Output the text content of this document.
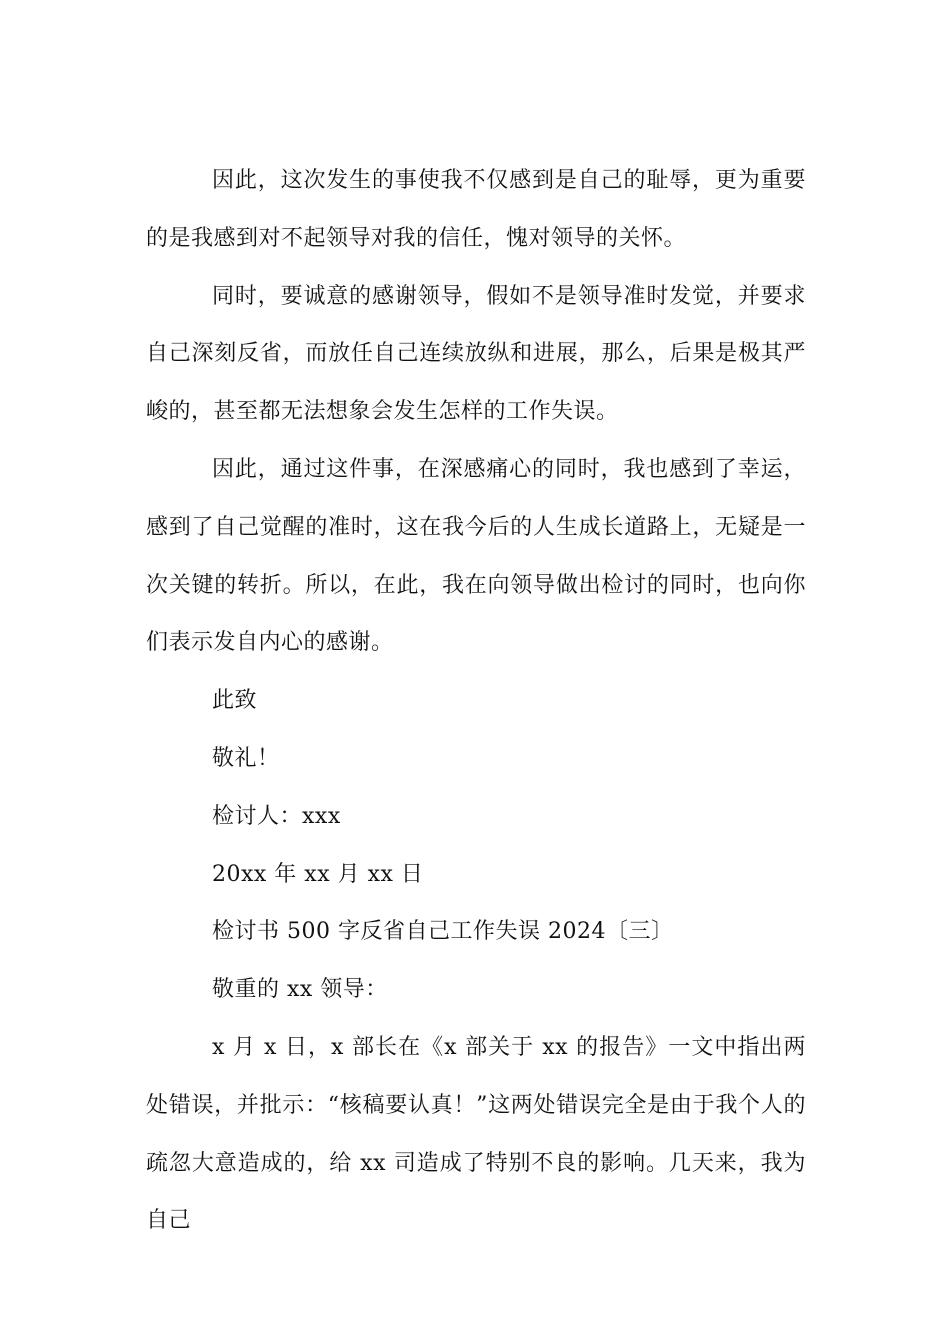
因此，这次发生的事使我不仅感到是自己的耻辱，更为重要的是我感到对不起领导对我的信任，愧对领导的关怀。

同时，要诚意的感谢领导，假如不是领导准时发觉，并要求自己深刻反省，而放任自己连续放纵和进展，那么，后果是极其严峻的，甚至都无法想象会发生怎样的工作失误。

因此，通过这件事，在深感痛心的同时，我也感到了幸运，感到了自己觉醒的准时，这在我今后的人生成长道路上，无疑是一次关键的转折。所以，在此，我在向领导做出检讨的同时，也向你们表示发自内心的感谢。

此致

敬礼！

检讨人：xxx

20xx 年 xx 月 xx 日

检讨书 500 字反省自己工作失误 2024〔三〕

敬重的 xx 领导：

x 月 x 日，x 部长在《x 部关于 xx 的报告》一文中指出两处错误，并批示：“核稿要认真！”这两处错误完全是由于我个人的疏忽大意造成的，给 xx 司造成了特别不良的影响。几天来，我为自己
